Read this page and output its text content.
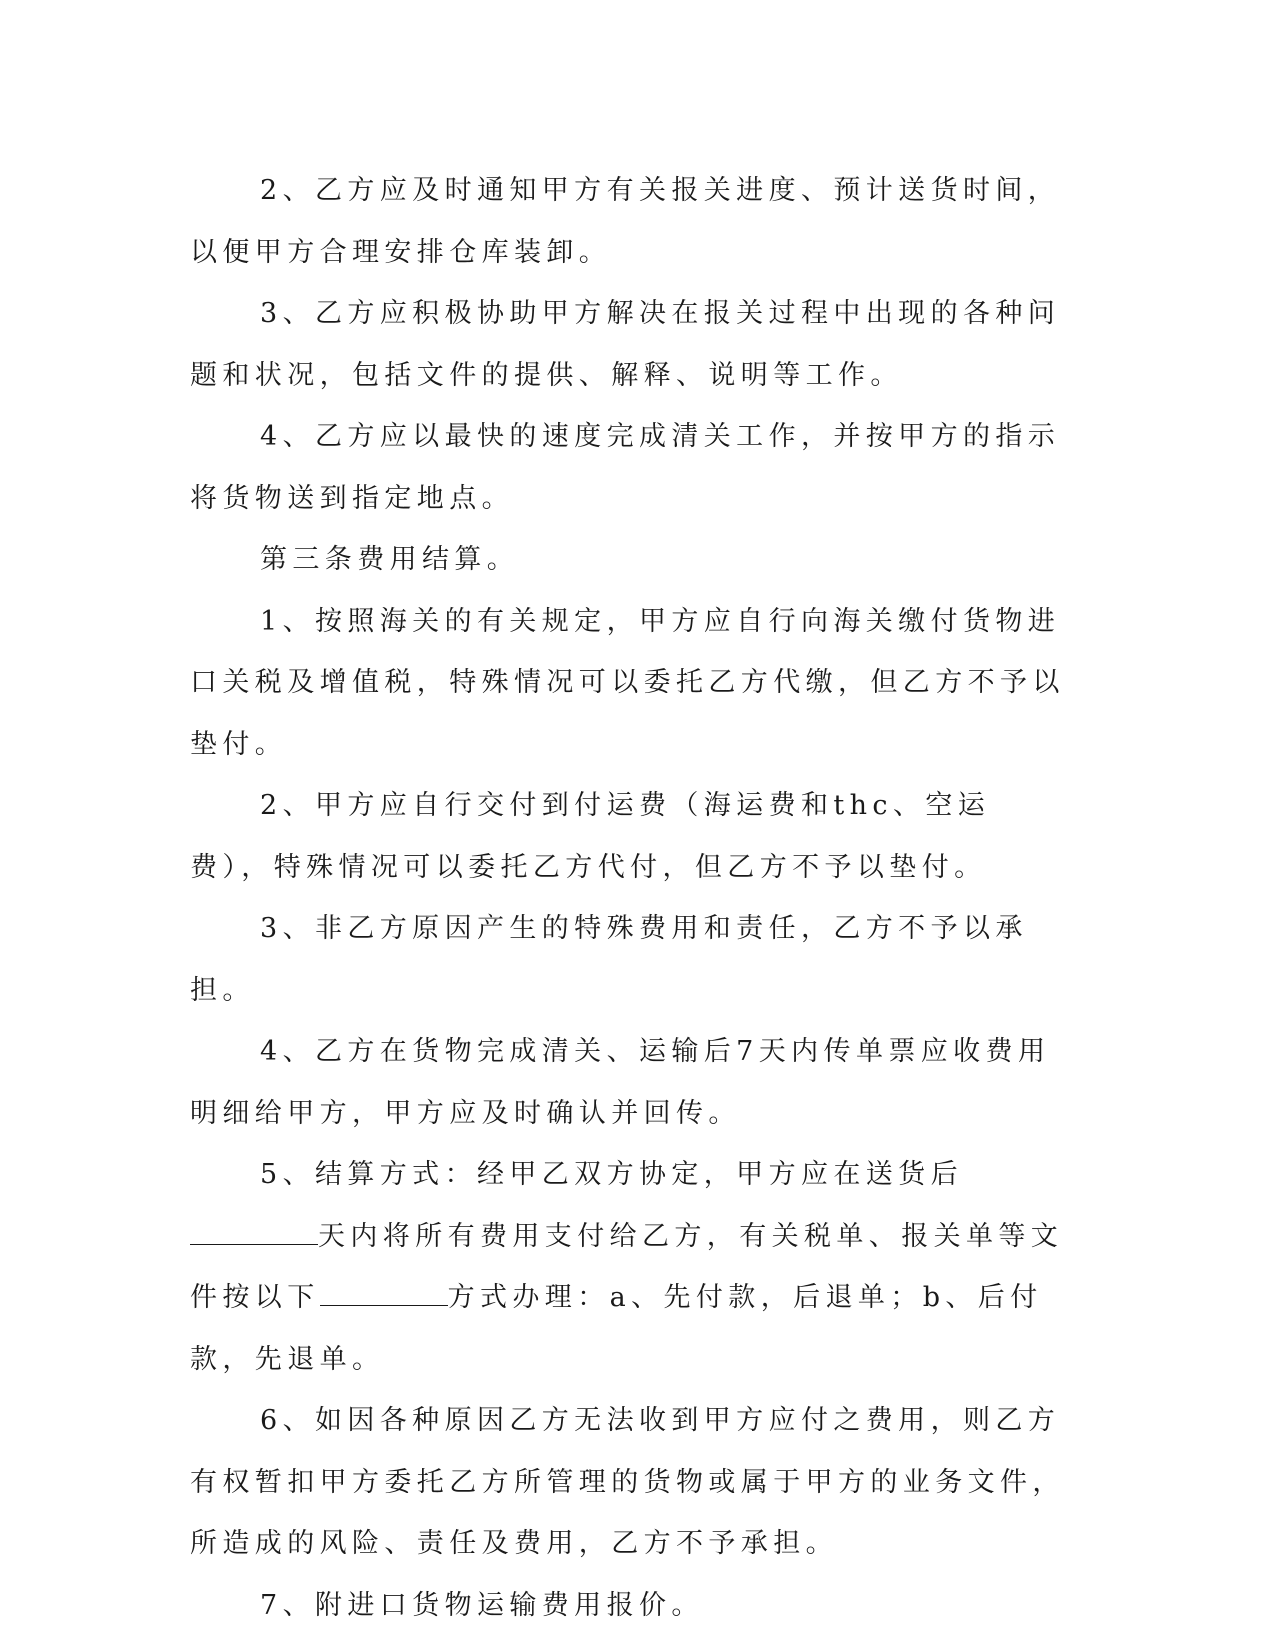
2、乙方应及时通知甲方有关报关进度、预计送货时间，以便甲方合理安排仓库装卸。

3、乙方应积极协助甲方解决在报关过程中出现的各种问题和状况，包括文件的提供、解释、说明等工作。

4、乙方应以最快的速度完成清关工作，并按甲方的指示将货物送到指定地点。

第三条费用结算。

1、按照海关的有关规定，甲方应自行向海关缴付货物进口关税及增值税，特殊情况可以委托乙方代缴，但乙方不予以垫付。

2、甲方应自行交付到付运费（海运费和thc、空运费），特殊情况可以委托乙方代付，但乙方不予以垫付。

3、非乙方原因产生的特殊费用和责任，乙方不予以承担。

4、乙方在货物完成清关、运输后7天内传单票应收费用明细给甲方，甲方应及时确认并回传。

5、结算方式：经甲乙双方协定，甲方应在送货后天内将所有费用支付给乙方，有关税单、报关单等文件按以下	方式办理：a、先付款，后退单；b、后付款，先退单。

6、如因各种原因乙方无法收到甲方应付之费用，则乙方有权暂扣甲方委托乙方所管理的货物或属于甲方的业务文件，所造成的风险、责任及费用，乙方不予承担。

7、附进口货物运输费用报价。
